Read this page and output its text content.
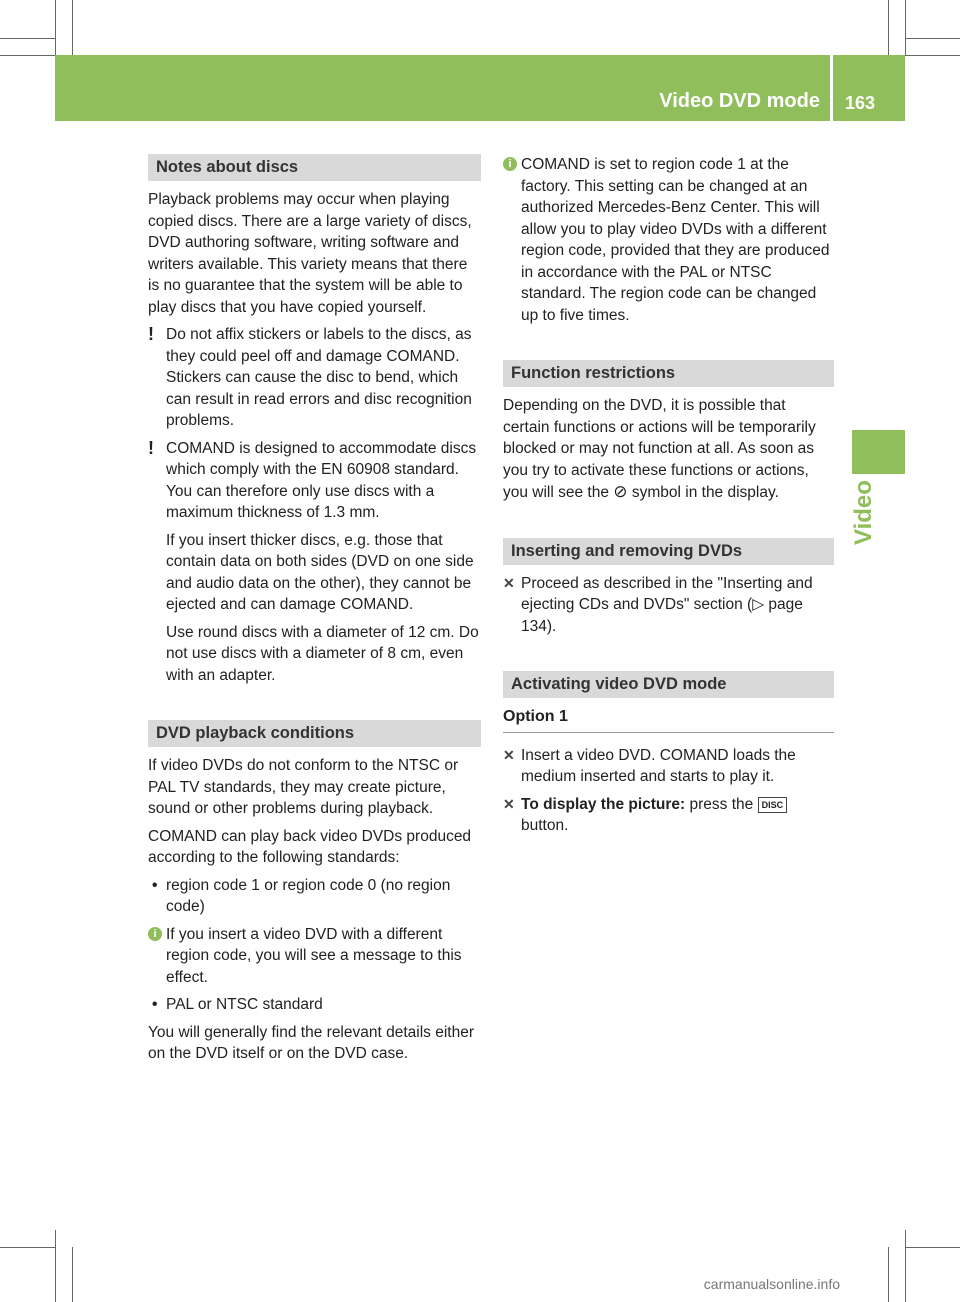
Video DVD mode 163
Video
Notes about discs

Playback problems may occur when playing copied discs. There are a large variety of discs, DVD authoring software, writing software and writers available. This variety means that there is no guarantee that the system will be able to play discs that you have copied yourself.

! Do not affix stickers or labels to the discs, as they could peel off and damage COMAND. Stickers can cause the disc to bend, which can result in read errors and disc recognition problems.
! COMAND is designed to accommodate discs which comply with the EN 60908 standard. You can therefore only use discs with a maximum thickness of 1.3 mm.
If you insert thicker discs, e.g. those that contain data on both sides (DVD on one side and audio data on the other), they cannot be ejected and can damage COMAND.
Use round discs with a diameter of 12 cm. Do not use discs with a diameter of 8 cm, even with an adapter.
DVD playback conditions

If video DVDs do not conform to the NTSC or PAL TV standards, they may create picture, sound or other problems during playback.

COMAND can play back video DVDs produced according to the following standards:

• region code 1 or region code 0 (no region code)
i If you insert a video DVD with a different region code, you will see a message to this effect.
• PAL or NTSC standard

You will generally find the relevant details either on the DVD itself or on the DVD case.

i COMAND is set to region code 1 at the factory. This setting can be changed at an authorized Mercedes-Benz Center. This will allow you to play video DVDs with a different region code, provided that they are produced in accordance with the PAL or NTSC standard. The region code can be changed up to five times.
Function restrictions

Depending on the DVD, it is possible that certain functions or actions will be temporarily blocked or may not function at all. As soon as you try to activate these functions or actions, you will see the ⊘ symbol in the display.

Inserting and removing DVDs
✕ Proceed as described in the "Inserting and ejecting CDs and DVDs" section (▷ page 134).
Activating video DVD mode
Option 1
✕ Insert a video DVD. COMAND loads the medium inserted and starts to play it.
✕ To display the picture: press the DISC
button.
carmanualsonline.info
